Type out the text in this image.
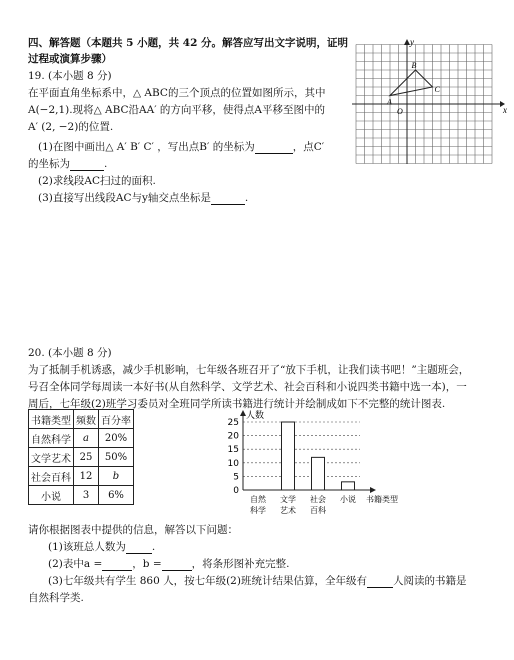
四、解答题（本题共 5 小题，共 42 分。解答应写出文字说明，证明
过程或演算步骤）
19. (本小题 8 分)
在平面直角坐标系中，△ ABC的三个顶点的位置如图所示，其中
A(−2,1).现将△ ABC沿AA′ 的方向平移，使得点A平移至图中的
A′ (2, −2)的位置.
(1)在图中画出△ A′ B′ C′ ，写出点B′ 的坐标为	，点C′
的坐标为	.
(2)求线段AC扫过的面积.
(3)直接写出线段AC与y轴交点坐标是	.
y
x
O
A
B
C
20. (本小题 8 分)
为了抵制手机诱惑，减少手机影响，七年级各班召开了“放下手机，让我们读书吧！”主题班会，
号召全体同学每周读一本好书(从自然科学、文学艺术、社会百科和小说四类书籍中选一本)，一
周后，七年级(2)班学习委员对全班同学所读书籍进行统计并绘制成如下不完整的统计图表.
书籍类型	频数	百分率
自然科学	a	20%
文学艺术	25	50%
社会百科	12	b
小说	3	6%	0
5
10
15
20
25
自然
科学
文学
艺术
社会
百科
小说
人数
书籍类型
请你根据图表中提供的信息，解答以下问题：
(1)该班总人数为 .
(2)表中a =	，b =	，将条形图补充完整.
(3)七年级共有学生 860 人，按七年级(2)班统计结果估算，全年级有 人阅读的书籍是
自然科学类.
